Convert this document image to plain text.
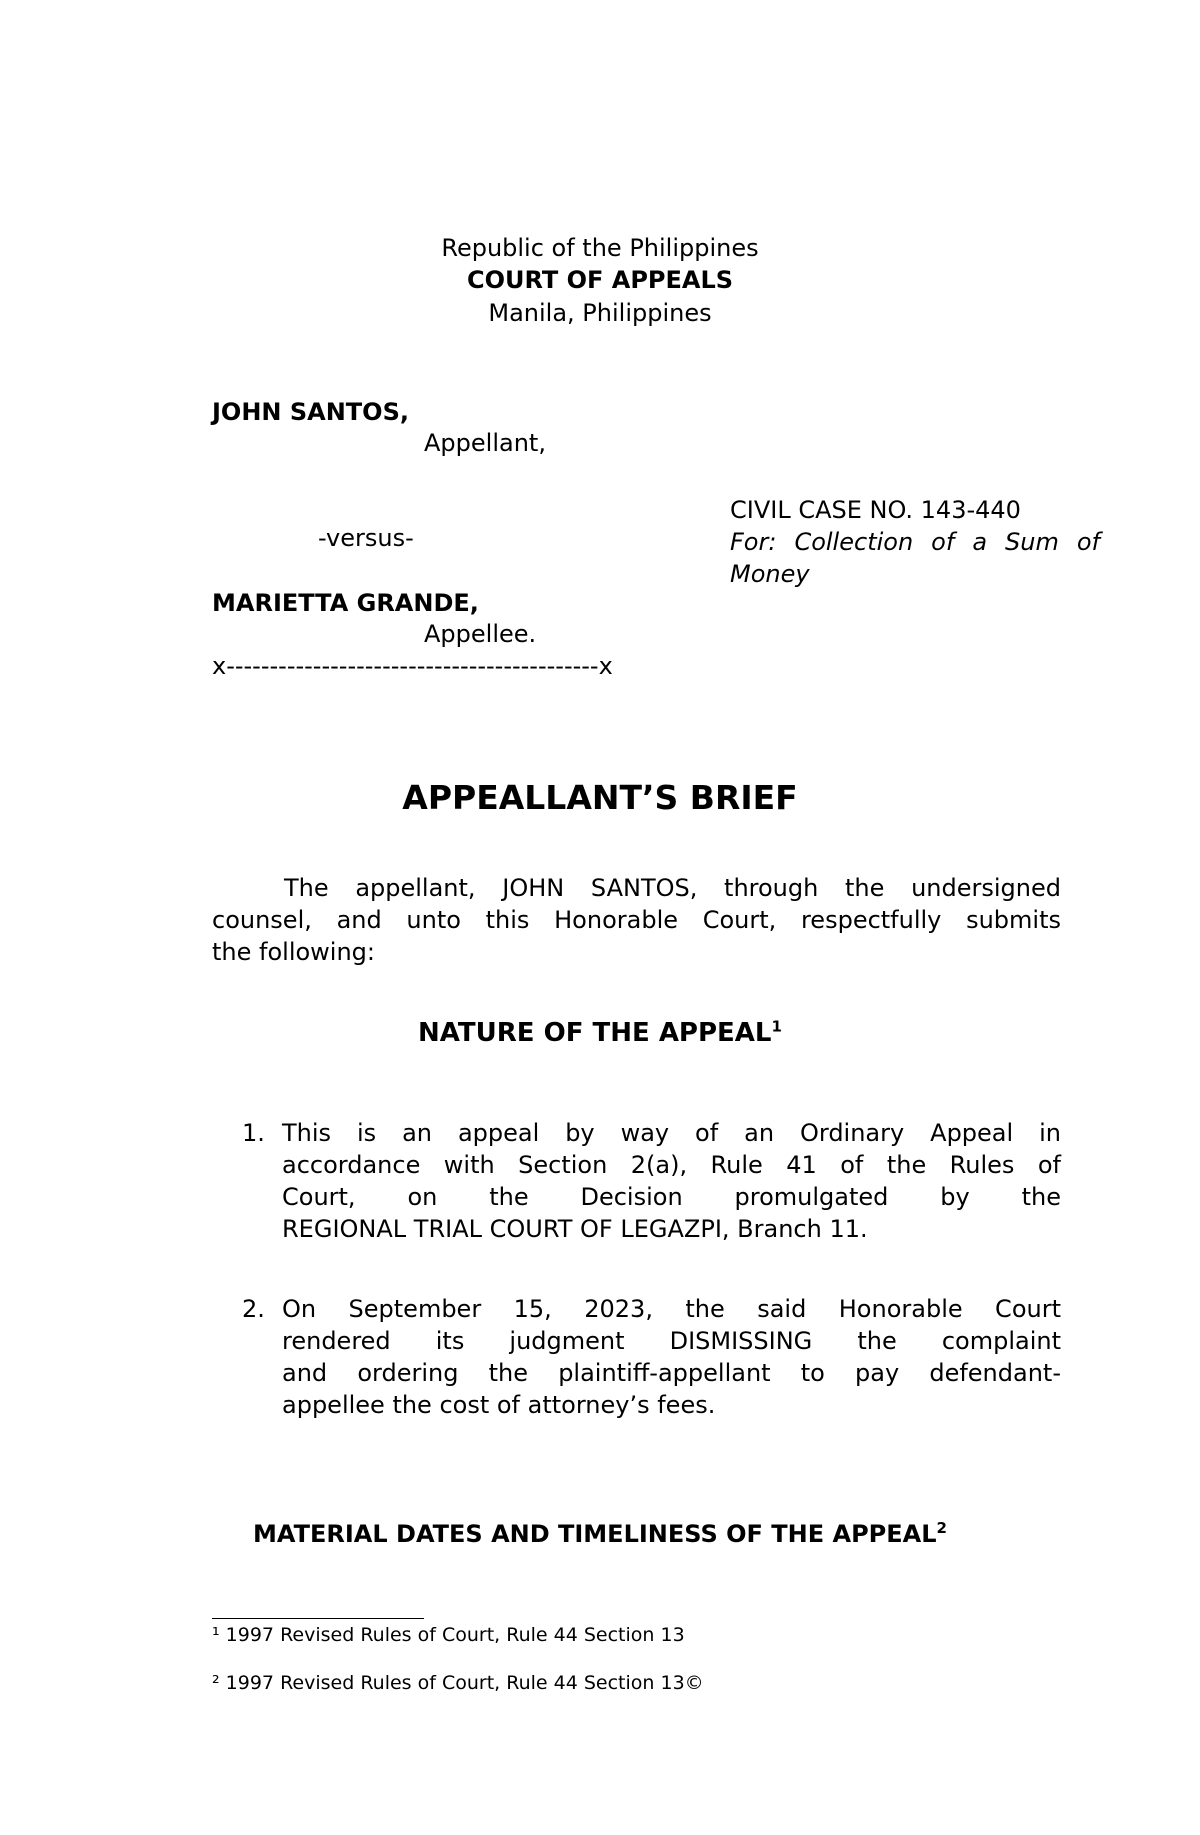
Republic of the Philippines
COURT OF APPEALS
Manila, Philippines
JOHN SANTOS,
Appellant,
-versus-
MARIETTA GRANDE,
Appellee.
x-------------------------------------------x
CIVIL CASE NO. 143-440
For: Collection of a Sum of
Money
APPEALLANT’S BRIEF
The appellant, JOHN SANTOS, through the undersigned
counsel, and unto this Honorable Court, respectfully submits
the following:
NATURE OF THE APPEAL$^1$
1. This is an appeal by way of an Ordinary Appeal in
accordance with Section 2(a), Rule 41 of the Rules of
Court, on the Decision promulgated by the
REGIONAL TRIAL COURT OF LEGAZPI, Branch 11.
2. On September 15, 2023, the said Honorable Court
rendered its judgment DISMISSING the complaint
and ordering the plaintiff-appellant to pay defendant-
appellee the cost of attorney’s fees.
MATERIAL DATES AND TIMELINESS OF THE APPEAL$^2$
¹ 1997 Revised Rules of Court, Rule 44 Section 13
² 1997 Revised Rules of Court, Rule 44 Section 13©
